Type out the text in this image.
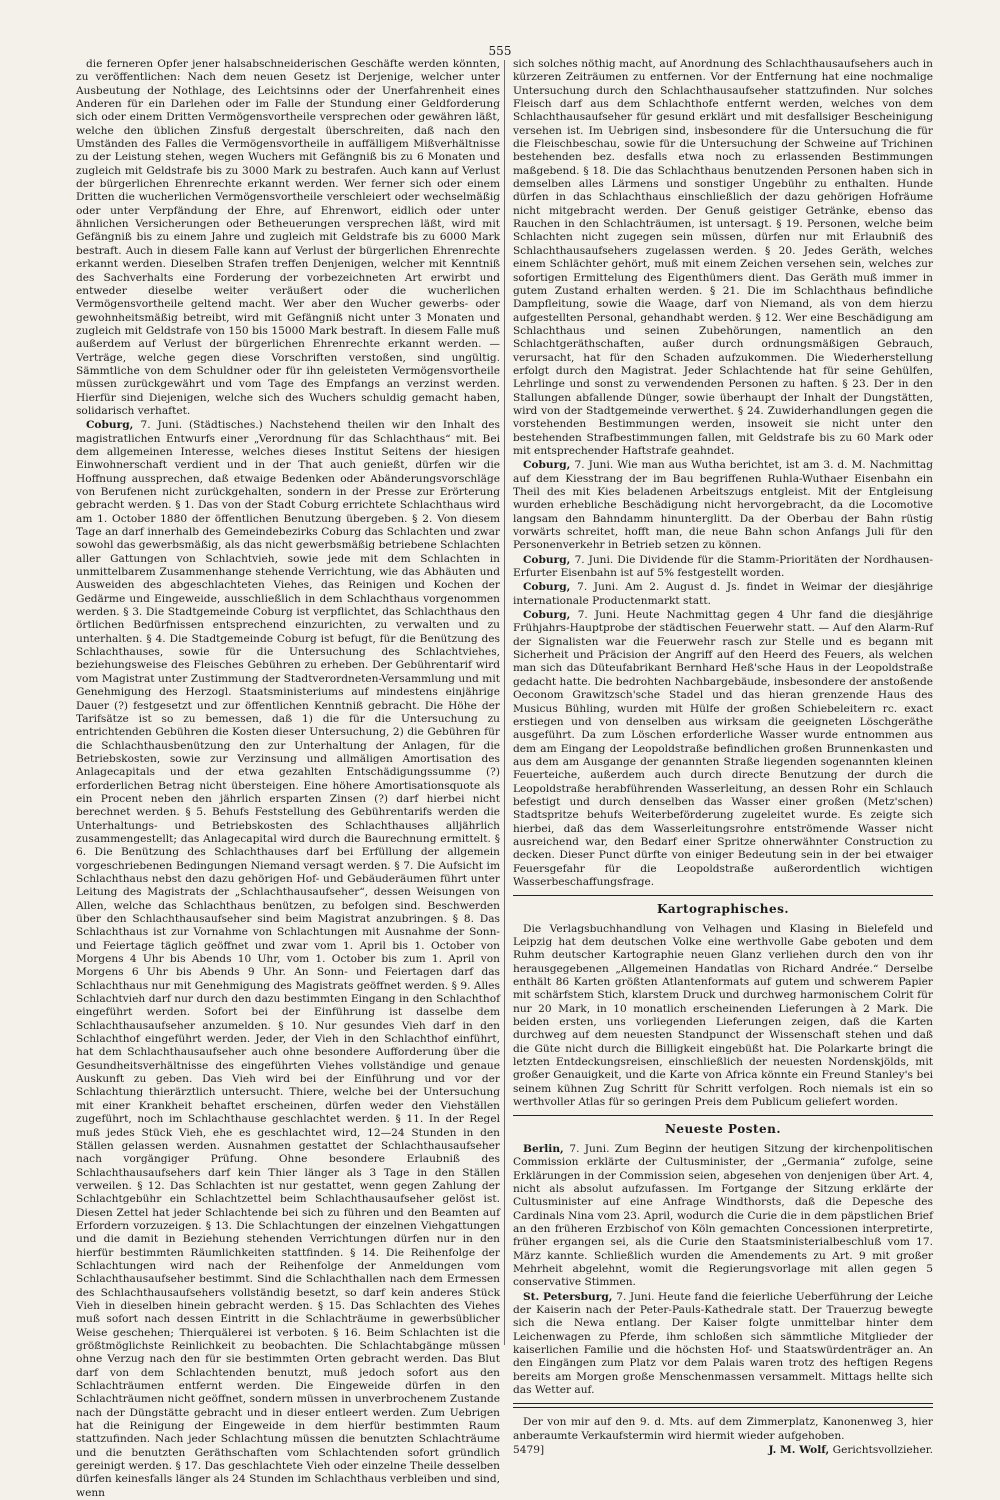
555

die ferneren Opfer jener halsabschneiderischen Geschäfte werden könnten, zu veröffentlichen: Nach dem neuen Gesetz ist Derjenige, welcher unter Ausbeutung der Nothlage, des Leichtsinns oder der Unerfahrenheit eines Anderen für ein Darlehen oder im Falle der Stundung einer Geldforderung sich oder einem Dritten Vermögensvortheile versprechen oder gewähren läßt, welche den üblichen Zinsfuß dergestalt überschreiten, daß nach den Umständen des Falles die Vermögensvortheile in auffälligem Mißverhältnisse zu der Leistung stehen, wegen Wuchers mit Gefängniß bis zu 6 Monaten und zugleich mit Geldstrafe bis zu 3000 Mark zu bestrafen. Auch kann auf Verlust der bürgerlichen Ehrenrechte erkannt werden. Wer ferner sich oder einem Dritten die wucherlichen Vermögensvortheile verschleiert oder wechselmäßig oder unter Verpfändung der Ehre, auf Ehrenwort, eidlich oder unter ähnlichen Versicherungen oder Betheuerungen versprechen läßt, wird mit Gefängniß bis zu einem Jahre und zugleich mit Geldstrafe bis zu 6000 Mark bestraft. Auch in diesem Falle kann auf Verlust der bürgerlichen Ehrenrechte erkannt werden. Dieselben Strafen treffen Denjenigen, welcher mit Kenntniß des Sachverhalts eine Forderung der vorbezeichneten Art erwirbt und entweder dieselbe weiter veräußert oder die wucherlichen Vermögensvortheile geltend macht. Wer aber den Wucher gewerbs- oder gewohnheitsmäßig betreibt, wird mit Gefängniß nicht unter 3 Monaten und zugleich mit Geldstrafe von 150 bis 15000 Mark bestraft. In diesem Falle muß außerdem auf Verlust der bürgerlichen Ehrenrechte erkannt werden. — Verträge, welche gegen diese Vorschriften verstoßen, sind ungültig. Sämmtliche von dem Schuldner oder für ihn geleisteten Vermögensvortheile müssen zurückgewährt und vom Tage des Empfangs an verzinst werden. Hierfür sind Diejenigen, welche sich des Wuchers schuldig gemacht haben, solidarisch verhaftet.

Coburg, 7. Juni. (Städtisches.) Nachstehend theilen wir den Inhalt des magistratlichen Entwurfs einer „Verordnung für das Schlachthaus“ mit. Bei dem allgemeinen Interesse, welches dieses Institut Seitens der hiesigen Einwohnerschaft verdient und in der That auch genießt, dürfen wir die Hoffnung aussprechen, daß etwaige Bedenken oder Abänderungsvorschläge von Berufenen nicht zurückgehalten, sondern in der Presse zur Erörterung gebracht werden. § 1. Das von der Stadt Coburg errichtete Schlachthaus wird am 1. October 1880 der öffentlichen Benutzung übergeben. § 2. Von diesem Tage an darf innerhalb des Gemeindebezirks Coburg das Schlachten und zwar sowohl das gewerbsmäßig, als das nicht gewerbsmäßig betriebene Schlachten aller Gattungen von Schlachtvieh, sowie jede mit dem Schlachten in unmittelbarem Zusammenhange stehende Verrichtung, wie das Abhäuten und Ausweiden des abgeschlachteten Viehes, das Reinigen und Kochen der Gedärme und Eingeweide, ausschließlich in dem Schlachthaus vorgenommen werden. § 3. Die Stadtgemeinde Coburg ist verpflichtet, das Schlachthaus den örtlichen Bedürfnissen entsprechend einzurichten, zu verwalten und zu unterhalten. § 4. Die Stadtgemeinde Coburg ist befugt, für die Benützung des Schlachthauses, sowie für die Untersuchung des Schlachtviehes, beziehungsweise des Fleisches Gebühren zu erheben. Der Gebührentarif wird vom Magistrat unter Zustimmung der Stadtverordneten-Versammlung und mit Genehmigung des Herzogl. Staatsministeriums auf mindestens einjährige Dauer (?) festgesetzt und zur öffentlichen Kenntniß gebracht. Die Höhe der Tarifsätze ist so zu bemessen, daß 1) die für die Untersuchung zu entrichtenden Gebühren die Kosten dieser Untersuchung, 2) die Gebühren für die Schlachthausbenützung den zur Unterhaltung der Anlagen, für die Betriebskosten, sowie zur Verzinsung und allmäligen Amortisation des Anlagecapitals und der etwa gezahlten Entschädigungssumme (?) erforderlichen Betrag nicht übersteigen. Eine höhere Amortisationsquote als ein Procent neben den jährlich ersparten Zinsen (?) darf hierbei nicht berechnet werden. § 5. Behufs Feststellung des Gebührentarifs werden die Unterhaltungs- und Betriebskosten des Schlachthauses alljährlich zusammengestellt; das Anlagecapital wird durch die Baurechnung ermittelt. § 6. Die Benützung des Schlachthauses darf bei Erfüllung der allgemein vorgeschriebenen Bedingungen Niemand versagt werden. § 7. Die Aufsicht im Schlachthaus nebst den dazu gehörigen Hof- und Gebäuderäumen führt unter Leitung des Magistrats der „Schlachthausaufseher“, dessen Weisungen von Allen, welche das Schlachthaus benützen, zu befolgen sind. Beschwerden über den Schlachthausaufseher sind beim Magistrat anzubringen. § 8. Das Schlachthaus ist zur Vornahme von Schlachtungen mit Ausnahme der Sonn- und Feiertage täglich geöffnet und zwar vom 1. April bis 1. October von Morgens 4 Uhr bis Abends 10 Uhr, vom 1. October bis zum 1. April von Morgens 6 Uhr bis Abends 9 Uhr. An Sonn- und Feiertagen darf das Schlachthaus nur mit Genehmigung des Magistrats geöffnet werden. § 9. Alles Schlachtvieh darf nur durch den dazu bestimmten Eingang in den Schlachthof eingeführt werden. Sofort bei der Einführung ist dasselbe dem Schlachthausaufseher anzumelden. § 10. Nur gesundes Vieh darf in den Schlachthof eingeführt werden. Jeder, der Vieh in den Schlachthof einführt, hat dem Schlachthausaufseher auch ohne besondere Aufforderung über die Gesundheitsverhältnisse des eingeführten Viehes vollständige und genaue Auskunft zu geben. Das Vieh wird bei der Einführung und vor der Schlachtung thierärztlich untersucht. Thiere, welche bei der Untersuchung mit einer Krankheit behaftet erscheinen, dürfen weder den Viehställen zugeführt, noch im Schlachthause geschlachtet werden. § 11. In der Regel muß jedes Stück Vieh, ehe es geschlachtet wird, 12—24 Stunden in den Ställen gelassen werden. Ausnahmen gestattet der Schlachthausaufseher nach vorgängiger Prüfung. Ohne besondere Erlaubniß des Schlachthausaufsehers darf kein Thier länger als 3 Tage in den Ställen verweilen. § 12. Das Schlachten ist nur gestattet, wenn gegen Zahlung der Schlachtgebühr ein Schlachtzettel beim Schlachthausaufseher gelöst ist. Diesen Zettel hat jeder Schlachtende bei sich zu führen und den Beamten auf Erfordern vorzuzeigen. § 13. Die Schlachtungen der einzelnen Viehgattungen und die damit in Beziehung stehenden Verrichtungen dürfen nur in den hierfür bestimmten Räumlichkeiten stattfinden. § 14. Die Reihenfolge der Schlachtungen wird nach der Reihenfolge der Anmeldungen vom Schlachthausaufseher bestimmt. Sind die Schlachthallen nach dem Ermessen des Schlachthausaufsehers vollständig besetzt, so darf kein anderes Stück Vieh in dieselben hinein gebracht werden. § 15. Das Schlachten des Viehes muß sofort nach dessen Eintritt in die Schlachträume in gewerbsüblicher Weise geschehen; Thierquälerei ist verboten. § 16. Beim Schlachten ist die größtmöglichste Reinlichkeit zu beobachten. Die Schlachtabgänge müssen ohne Verzug nach den für sie bestimmten Orten gebracht werden. Das Blut darf von dem Schlachtenden benutzt, muß jedoch sofort aus den Schlachträumen entfernt werden. Die Eingeweide dürfen in den Schlachträumen nicht geöffnet, sondern müssen in unverbrochenem Zustande nach der Düngstätte gebracht und in dieser entleert werden. Zum Uebrigen hat die Reinigung der Eingeweide in dem hierfür bestimmten Raum stattzufinden. Nach jeder Schlachtung müssen die benutzten Schlachträume und die benutzten Geräthschaften vom Schlachtenden sofort gründlich gereinigt werden. § 17. Das geschlachtete Vieh oder einzelne Theile desselben dürfen keinesfalls länger als 24 Stunden im Schlachthaus verbleiben und sind, wenn

sich solches nöthig macht, auf Anordnung des Schlachthausaufsehers auch in kürzeren Zeiträumen zu entfernen. Vor der Entfernung hat eine nochmalige Untersuchung durch den Schlachthausaufseher stattzufinden. Nur solches Fleisch darf aus dem Schlachthofe entfernt werden, welches von dem Schlachthausaufseher für gesund erklärt und mit desfallsiger Bescheinigung versehen ist. Im Uebrigen sind, insbesondere für die Untersuchung die für die Fleischbeschau, sowie für die Untersuchung der Schweine auf Trichinen bestehenden bez. desfalls etwa noch zu erlassenden Bestimmungen maßgebend. § 18. Die das Schlachthaus benutzenden Personen haben sich in demselben alles Lärmens und sonstiger Ungebühr zu enthalten. Hunde dürfen in das Schlachthaus einschließlich der dazu gehörigen Hofräume nicht mitgebracht werden. Der Genuß geistiger Getränke, ebenso das Rauchen in den Schlachträumen, ist untersagt. § 19. Personen, welche beim Schlachten nicht zugegen sein müssen, dürfen nur mit Erlaubniß des Schlachthausaufsehers zugelassen werden. § 20. Jedes Geräth, welches einem Schlächter gehört, muß mit einem Zeichen versehen sein, welches zur sofortigen Ermittelung des Eigenthümers dient. Das Geräth muß immer in gutem Zustand erhalten werden. § 21. Die im Schlachthaus befindliche Dampfleitung, sowie die Waage, darf von Niemand, als von dem hierzu aufgestellten Personal, gehandhabt werden. § 12. Wer eine Beschädigung am Schlachthaus und seinen Zubehörungen, namentlich an den Schlachtgeräthschaften, außer durch ordnungsmäßigen Gebrauch, verursacht, hat für den Schaden aufzukommen. Die Wiederherstellung erfolgt durch den Magistrat. Jeder Schlachtende hat für seine Gehülfen, Lehrlinge und sonst zu verwendenden Personen zu haften. § 23. Der in den Stallungen abfallende Dünger, sowie überhaupt der Inhalt der Dungstätten, wird von der Stadtgemeinde verwerthet. § 24. Zuwiderhandlungen gegen die vorstehenden Bestimmungen werden, insoweit sie nicht unter den bestehenden Strafbestimmungen fallen, mit Geldstrafe bis zu 60 Mark oder mit entsprechender Haftstrafe geahndet.

Coburg, 7. Juni. Wie man aus Wutha berichtet, ist am 3. d. M. Nachmittag auf dem Kiesstrang der im Bau begriffenen Ruhla-Wuthaer Eisenbahn ein Theil des mit Kies beladenen Arbeitszugs entgleist. Mit der Entgleisung wurden erhebliche Beschädigung nicht hervorgebracht, da die Locomotive langsam den Bahndamm hinunterglitt. Da der Oberbau der Bahn rüstig vorwärts schreitet, hofft man, die neue Bahn schon Anfangs Juli für den Personenverkehr in Betrieb setzen zu können.

Coburg, 7. Juni. Die Dividende für die Stamm-Prioritäten der Nordhausen-Erfurter Eisenbahn ist auf 5% festgestellt worden.

Coburg, 7. Juni. Am 2. August d. Js. findet in Weimar der diesjährige internationale Productenmarkt statt.

Coburg, 7. Juni. Heute Nachmittag gegen 4 Uhr fand die diesjährige Frühjahrs-Hauptprobe der städtischen Feuerwehr statt. — Auf den Alarm-Ruf der Signalisten war die Feuerwehr rasch zur Stelle und es begann mit Sicherheit und Präcision der Angriff auf den Heerd des Feuers, als welchen man sich das Düteufabrikant Bernhard Heß'sche Haus in der Leopoldstraße gedacht hatte. Die bedrohten Nachbargebäude, insbesondere der anstoßende Oeconom Grawitzsch'sche Stadel und das hieran grenzende Haus des Musicus Bühling, wurden mit Hülfe der großen Schiebeleitern rc. exact erstiegen und von denselben aus wirksam die geeigneten Löschgeräthe ausgeführt. Da zum Löschen erforderliche Wasser wurde entnommen aus dem am Eingang der Leopoldstraße befindlichen großen Brunnenkasten und aus dem am Ausgange der genannten Straße liegenden sogenannten kleinen Feuerteiche, außerdem auch durch directe Benutzung der durch die Leopoldstraße herabführenden Wasserleitung, an dessen Rohr ein Schlauch befestigt und durch denselben das Wasser einer großen (Metz'schen) Stadtspritze behufs Weiterbeförderung zugeleitet wurde. Es zeigte sich hierbei, daß das dem Wasserleitungsrohre entströmende Wasser nicht ausreichend war, den Bedarf einer Spritze ohnerwähnter Construction zu decken. Dieser Punct dürfte von einiger Bedeutung sein in der bei etwaiger Feuersgefahr für die Leopoldstraße außerordentlich wichtigen Wasserbeschaffungsfrage.

Kartographisches.

Die Verlagsbuchhandlung von Velhagen und Klasing in Bielefeld und Leipzig hat dem deutschen Volke eine werthvolle Gabe geboten und dem Ruhm deutscher Kartographie neuen Glanz verliehen durch den von ihr herausgegebenen „Allgemeinen Handatlas von Richard Andrée.“ Derselbe enthält 86 Karten größten Atlantenformats auf gutem und schwerem Papier mit schärfstem Stich, klarstem Druck und durchweg harmonischem Colrit für nur 20 Mark, in 10 monatlich erscheinenden Lieferungen à 2 Mark. Die beiden ersten, uns vorliegenden Lieferungen zeigen, daß die Karten durchweg auf dem neuesten Standpunct der Wissenschaft stehen und daß die Güte nicht durch die Billigkeit eingebüßt hat. Die Polarkarte bringt die letzten Entdeckungsreisen, einschließlich der neuesten Nordenskjölds, mit großer Genauigkeit, und die Karte von Africa könnte ein Freund Stanley's bei seinem kühnen Zug Schritt für Schritt verfolgen. Roch niemals ist ein so werthvoller Atlas für so geringen Preis dem Publicum geliefert worden.

Neueste Posten.

Berlin, 7. Juni. Zum Beginn der heutigen Sitzung der kirchenpolitischen Commission erklärte der Cultusminister, der „Germania“ zufolge, seine Erklärungen in der Commission seien, abgesehen von denjenigen über Art. 4, nicht als absolut aufzufassen. Im Fortgange der Sitzung erklärte der Cultusminister auf eine Anfrage Windthorsts, daß die Depesche des Cardinals Nina vom 23. April, wodurch die Curie die in dem päpstlichen Brief an den früheren Erzbischof von Köln gemachten Concessionen interpretirte, früher ergangen sei, als die Curie den Staatsministerialbeschluß vom 17. März kannte. Schließlich wurden die Amendements zu Art. 9 mit großer Mehrheit abgelehnt, womit die Regierungsvorlage mit allen gegen 5 conservative Stimmen.

St. Petersburg, 7. Juni. Heute fand die feierliche Ueberführung der Leiche der Kaiserin nach der Peter-Pauls-Kathedrale statt. Der Trauerzug bewegte sich die Newa entlang. Der Kaiser folgte unmittelbar hinter dem Leichenwagen zu Pferde, ihm schloßen sich sämmtliche Mitglieder der kaiserlichen Familie und die höchsten Hof- und Staatswürdenträger an. An den Eingängen zum Platz vor dem Palais waren trotz des heftigen Regens bereits am Morgen große Menschenmassen versammelt. Mittags hellte sich das Wetter auf.

Der von mir auf den 9. d. Mts. auf dem Zimmerplatz, Kanonenweg 3, hier anberaumte Verkaufstermin wird hiermit wieder aufgehoben.

5479]	J. M. Wolf, Gerichtsvollzieher.
